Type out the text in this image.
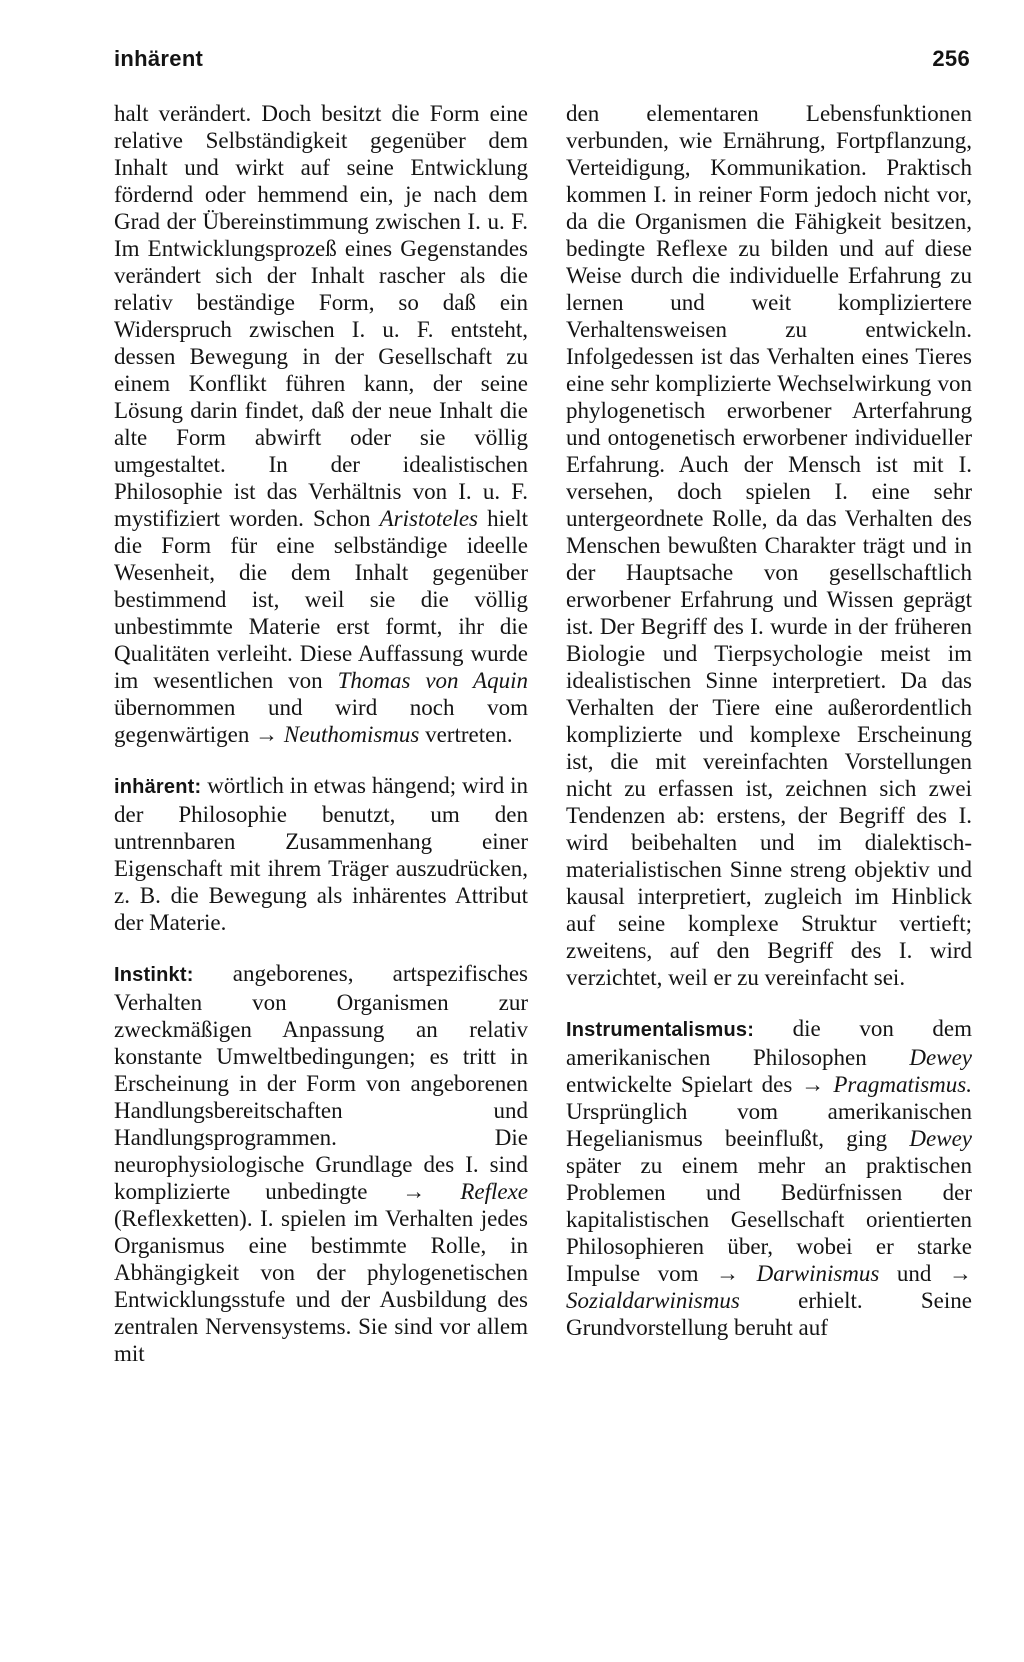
inhärent	256

halt verändert. Doch besitzt die Form eine relative Selbständigkeit gegenüber dem Inhalt und wirkt auf seine Entwicklung fördernd oder hemmend ein, je nach dem Grad der Übereinstimmung zwischen I. u. F. Im Entwicklungsprozeß eines Gegenstandes verändert sich der Inhalt rascher als die relativ beständige Form, so daß ein Widerspruch zwischen I. u. F. entsteht, dessen Bewegung in der Gesellschaft zu einem Konflikt führen kann, der seine Lösung darin findet, daß der neue Inhalt die alte Form abwirft oder sie völlig umgestaltet. In der idealistischen Philosophie ist das Verhältnis von I. u. F. mystifiziert worden. Schon Aristoteles hielt die Form für eine selbständige ideelle Wesenheit, die dem Inhalt gegenüber bestimmend ist, weil sie die völlig unbestimmte Materie erst formt, ihr die Qualitäten verleiht. Diese Auffassung wurde im wesentlichen von Thomas von Aquin übernommen und wird noch vom gegenwärtigen → Neuthomismus vertreten.

inhärent: wörtlich in etwas hängend; wird in der Philosophie benutzt, um den untrennbaren Zusammenhang einer Eigenschaft mit ihrem Träger auszudrücken, z. B. die Bewegung als inhärentes Attribut der Materie.

Instinkt: angeborenes, artspezifisches Verhalten von Organismen zur zweckmäßigen Anpassung an relativ konstante Umweltbedingungen; es tritt in Erscheinung in der Form von angeborenen Handlungsbereitschaften und Handlungsprogrammen. Die neurophysiologische Grundlage des I. sind komplizierte unbedingte → Reflexe (Reflexketten). I. spielen im Verhalten jedes Organismus eine bestimmte Rolle, in Abhängigkeit von der phylogenetischen Entwicklungsstufe und der Ausbildung des zentralen Nervensystems. Sie sind vor allem mit

den elementaren Lebensfunktionen verbunden, wie Ernährung, Fortpflanzung, Verteidigung, Kommunikation. Praktisch kommen I. in reiner Form jedoch nicht vor, da die Organismen die Fähigkeit besitzen, bedingte Reflexe zu bilden und auf diese Weise durch die individuelle Erfahrung zu lernen und weit kompliziertere Verhaltensweisen zu entwickeln. Infolgedessen ist das Verhalten eines Tieres eine sehr komplizierte Wechselwirkung von phylogenetisch erworbener Arterfahrung und ontogenetisch erworbener individueller Erfahrung. Auch der Mensch ist mit I. versehen, doch spielen I. eine sehr untergeordnete Rolle, da das Verhalten des Menschen bewußten Charakter trägt und in der Hauptsache von gesellschaftlich erworbener Erfahrung und Wissen geprägt ist. Der Begriff des I. wurde in der früheren Biologie und Tierpsychologie meist im idealistischen Sinne interpretiert. Da das Verhalten der Tiere eine außerordentlich komplizierte und komplexe Erscheinung ist, die mit vereinfachten Vorstellungen nicht zu erfassen ist, zeichnen sich zwei Tendenzen ab: erstens, der Begriff des I. wird beibehalten und im dialektisch-materialistischen Sinne streng objektiv und kausal interpretiert, zugleich im Hinblick auf seine komplexe Struktur vertieft; zweitens, auf den Begriff des I. wird verzichtet, weil er zu vereinfacht sei.

Instrumentalismus: die von dem amerikanischen Philosophen Dewey entwickelte Spielart des → Pragmatismus. Ursprünglich vom amerikanischen Hegelianismus beeinflußt, ging Dewey später zu einem mehr an praktischen Problemen und Bedürfnissen der kapitalistischen Gesellschaft orientierten Philosophieren über, wobei er starke Impulse vom → Darwinismus und → Sozialdarwinismus erhielt. Seine Grundvorstellung beruht auf
